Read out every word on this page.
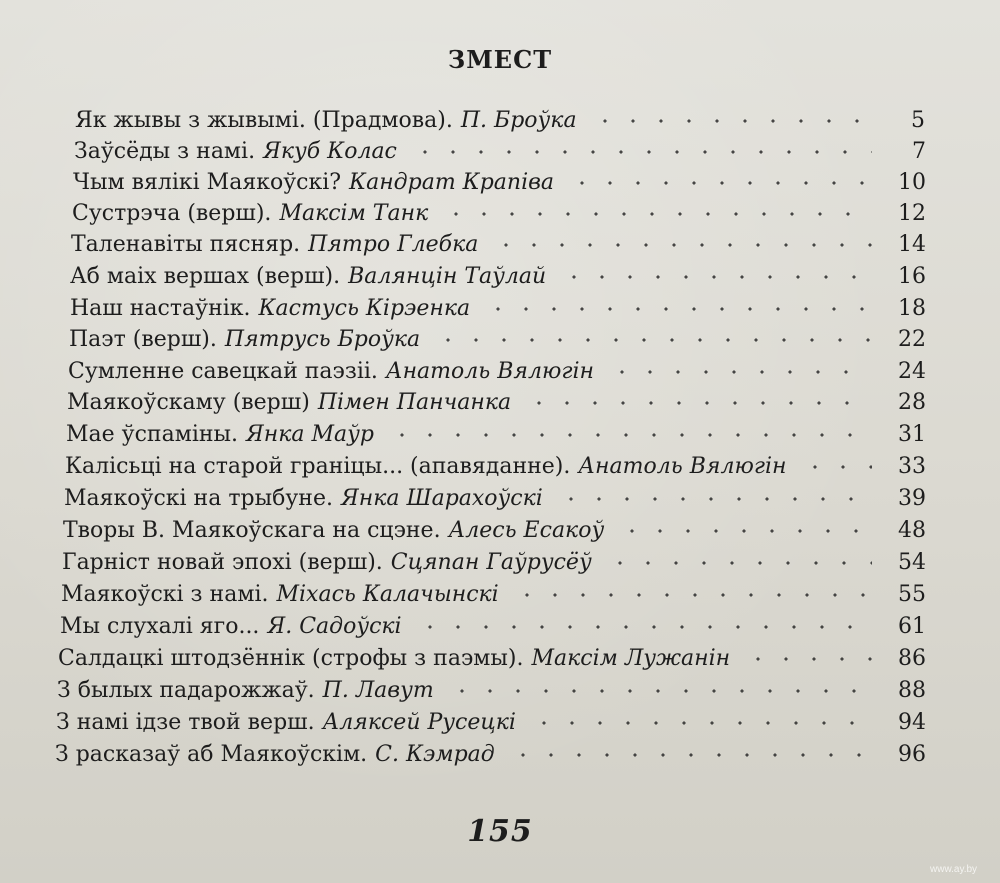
ЗМЕСТ
Як жывы з жывымі. (Прадмова). П. Броўка	5
Заўсёды з намі. Якуб Колас	7
Чым вялікі Маякоўскі? Кандрат Крапіва	10
Сустрэча (верш). Максім Танк	12
Таленавіты пясняр. Пятро Глебка	14
Аб маіх вершах (верш). Валянцін Таўлай	16
Наш настаўнік. Кастусь Кірэенка	18
Паэт (верш). Пятрусь Броўка	22
Сумленне савецкай паэзіі. Анатоль Вялюгін	24
Маякоўскаму (верш) Пімен Панчанка	28
Мае ўспаміны. Янка Маўр	31
Калісьці на старой граніцы... (апавяданне). Анатоль Вялюгін	33
Маякоўскі на трыбуне. Янка Шарахоўскі	39
Творы В. Маякоўскага на сцэне. Алесь Есакоў	48
Гарніст новай эпохі (верш). Сцяпан Гаўрусёў	54
Маякоўскі з намі. Міхась Калачынскі	55
Мы слухалі яго... Я. Садоўскі	61
Салдацкі штодзённік (строфы з паэмы). Максім Лужанін	86
З былых падарожжаў. П. Лавут	88
З намі ідзе твой верш. Аляксей Русецкі	94
З расказаў аб Маякоўскім. С. Кэмрад	96
155
www.ay.by
